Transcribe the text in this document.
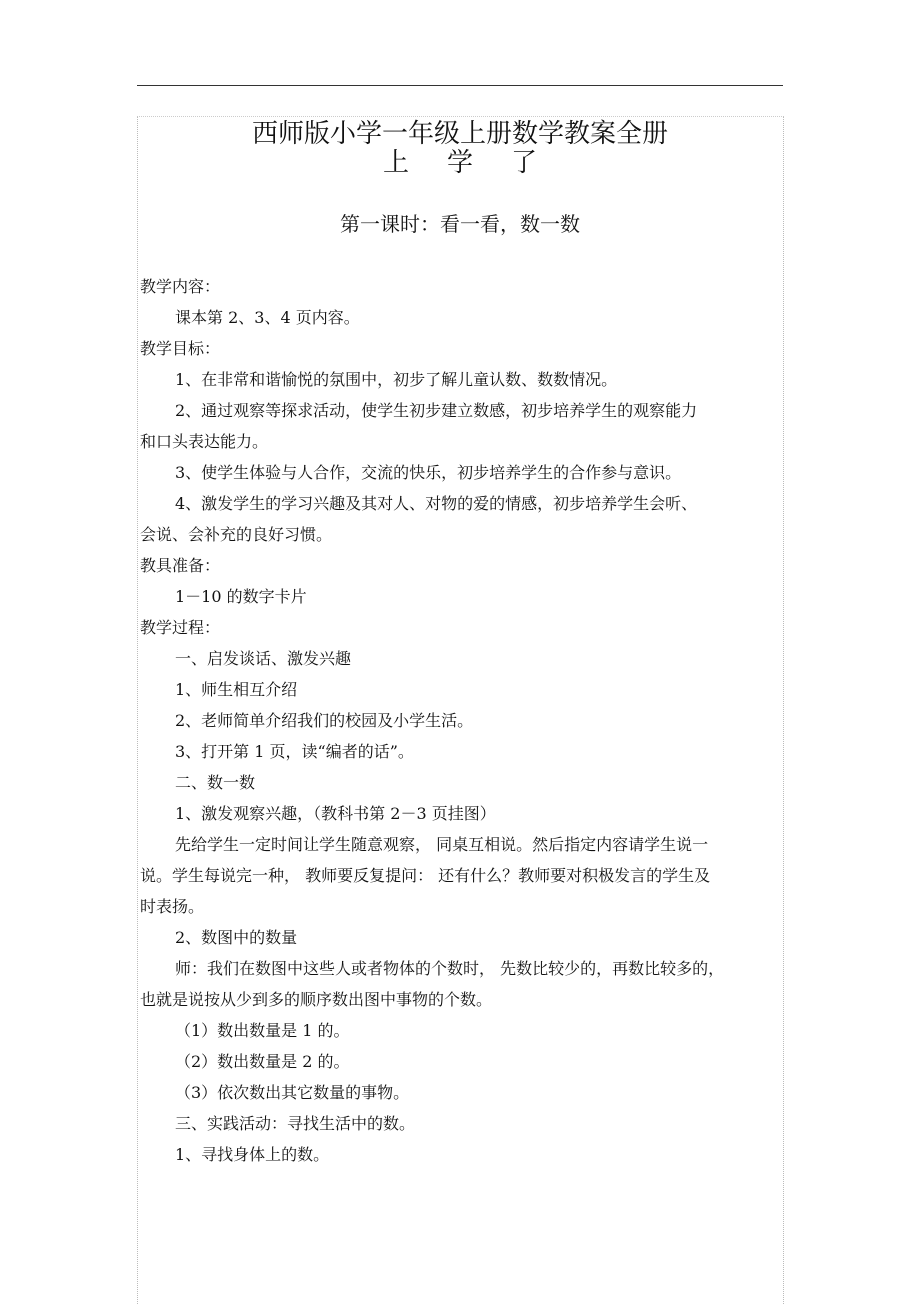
西师版小学一年级上册数学教案全册
上学了
第一课时：看一看，数一数
教学内容：
课本第 2、3、4 页内容。
教学目标：
1、在非常和谐愉悦的氛围中，初步了解儿童认数、数数情况。
2、通过观察等探求活动，使学生初步建立数感，初步培养学生的观察能力
和口头表达能力。
3、使学生体验与人合作，交流的快乐，初步培养学生的合作参与意识。
4、激发学生的学习兴趣及其对人、对物的爱的情感，初步培养学生会听、
会说、会补充的良好习惯。
教具准备：
1－10 的数字卡片
教学过程：
一、启发谈话、激发兴趣
1、师生相互介绍
2、老师简单介绍我们的校园及小学生活。
3、打开第 1 页，读“编者的话”。
二、数一数
1、激发观察兴趣，（教科书第 2－3 页挂图）
先给学生一定时间让学生随意观察， 同桌互相说。然后指定内容请学生说一
说。学生每说完一种， 教师要反复提问： 还有什么？教师要对积极发言的学生及
时表扬。
2、数图中的数量
师：我们在数图中这些人或者物体的个数时， 先数比较少的，再数比较多的，
也就是说按从少到多的顺序数出图中事物的个数。
（1）数出数量是 1 的。
（2）数出数量是 2 的。
（3）依次数出其它数量的事物。
三、实践活动：寻找生活中的数。
1、寻找身体上的数。
